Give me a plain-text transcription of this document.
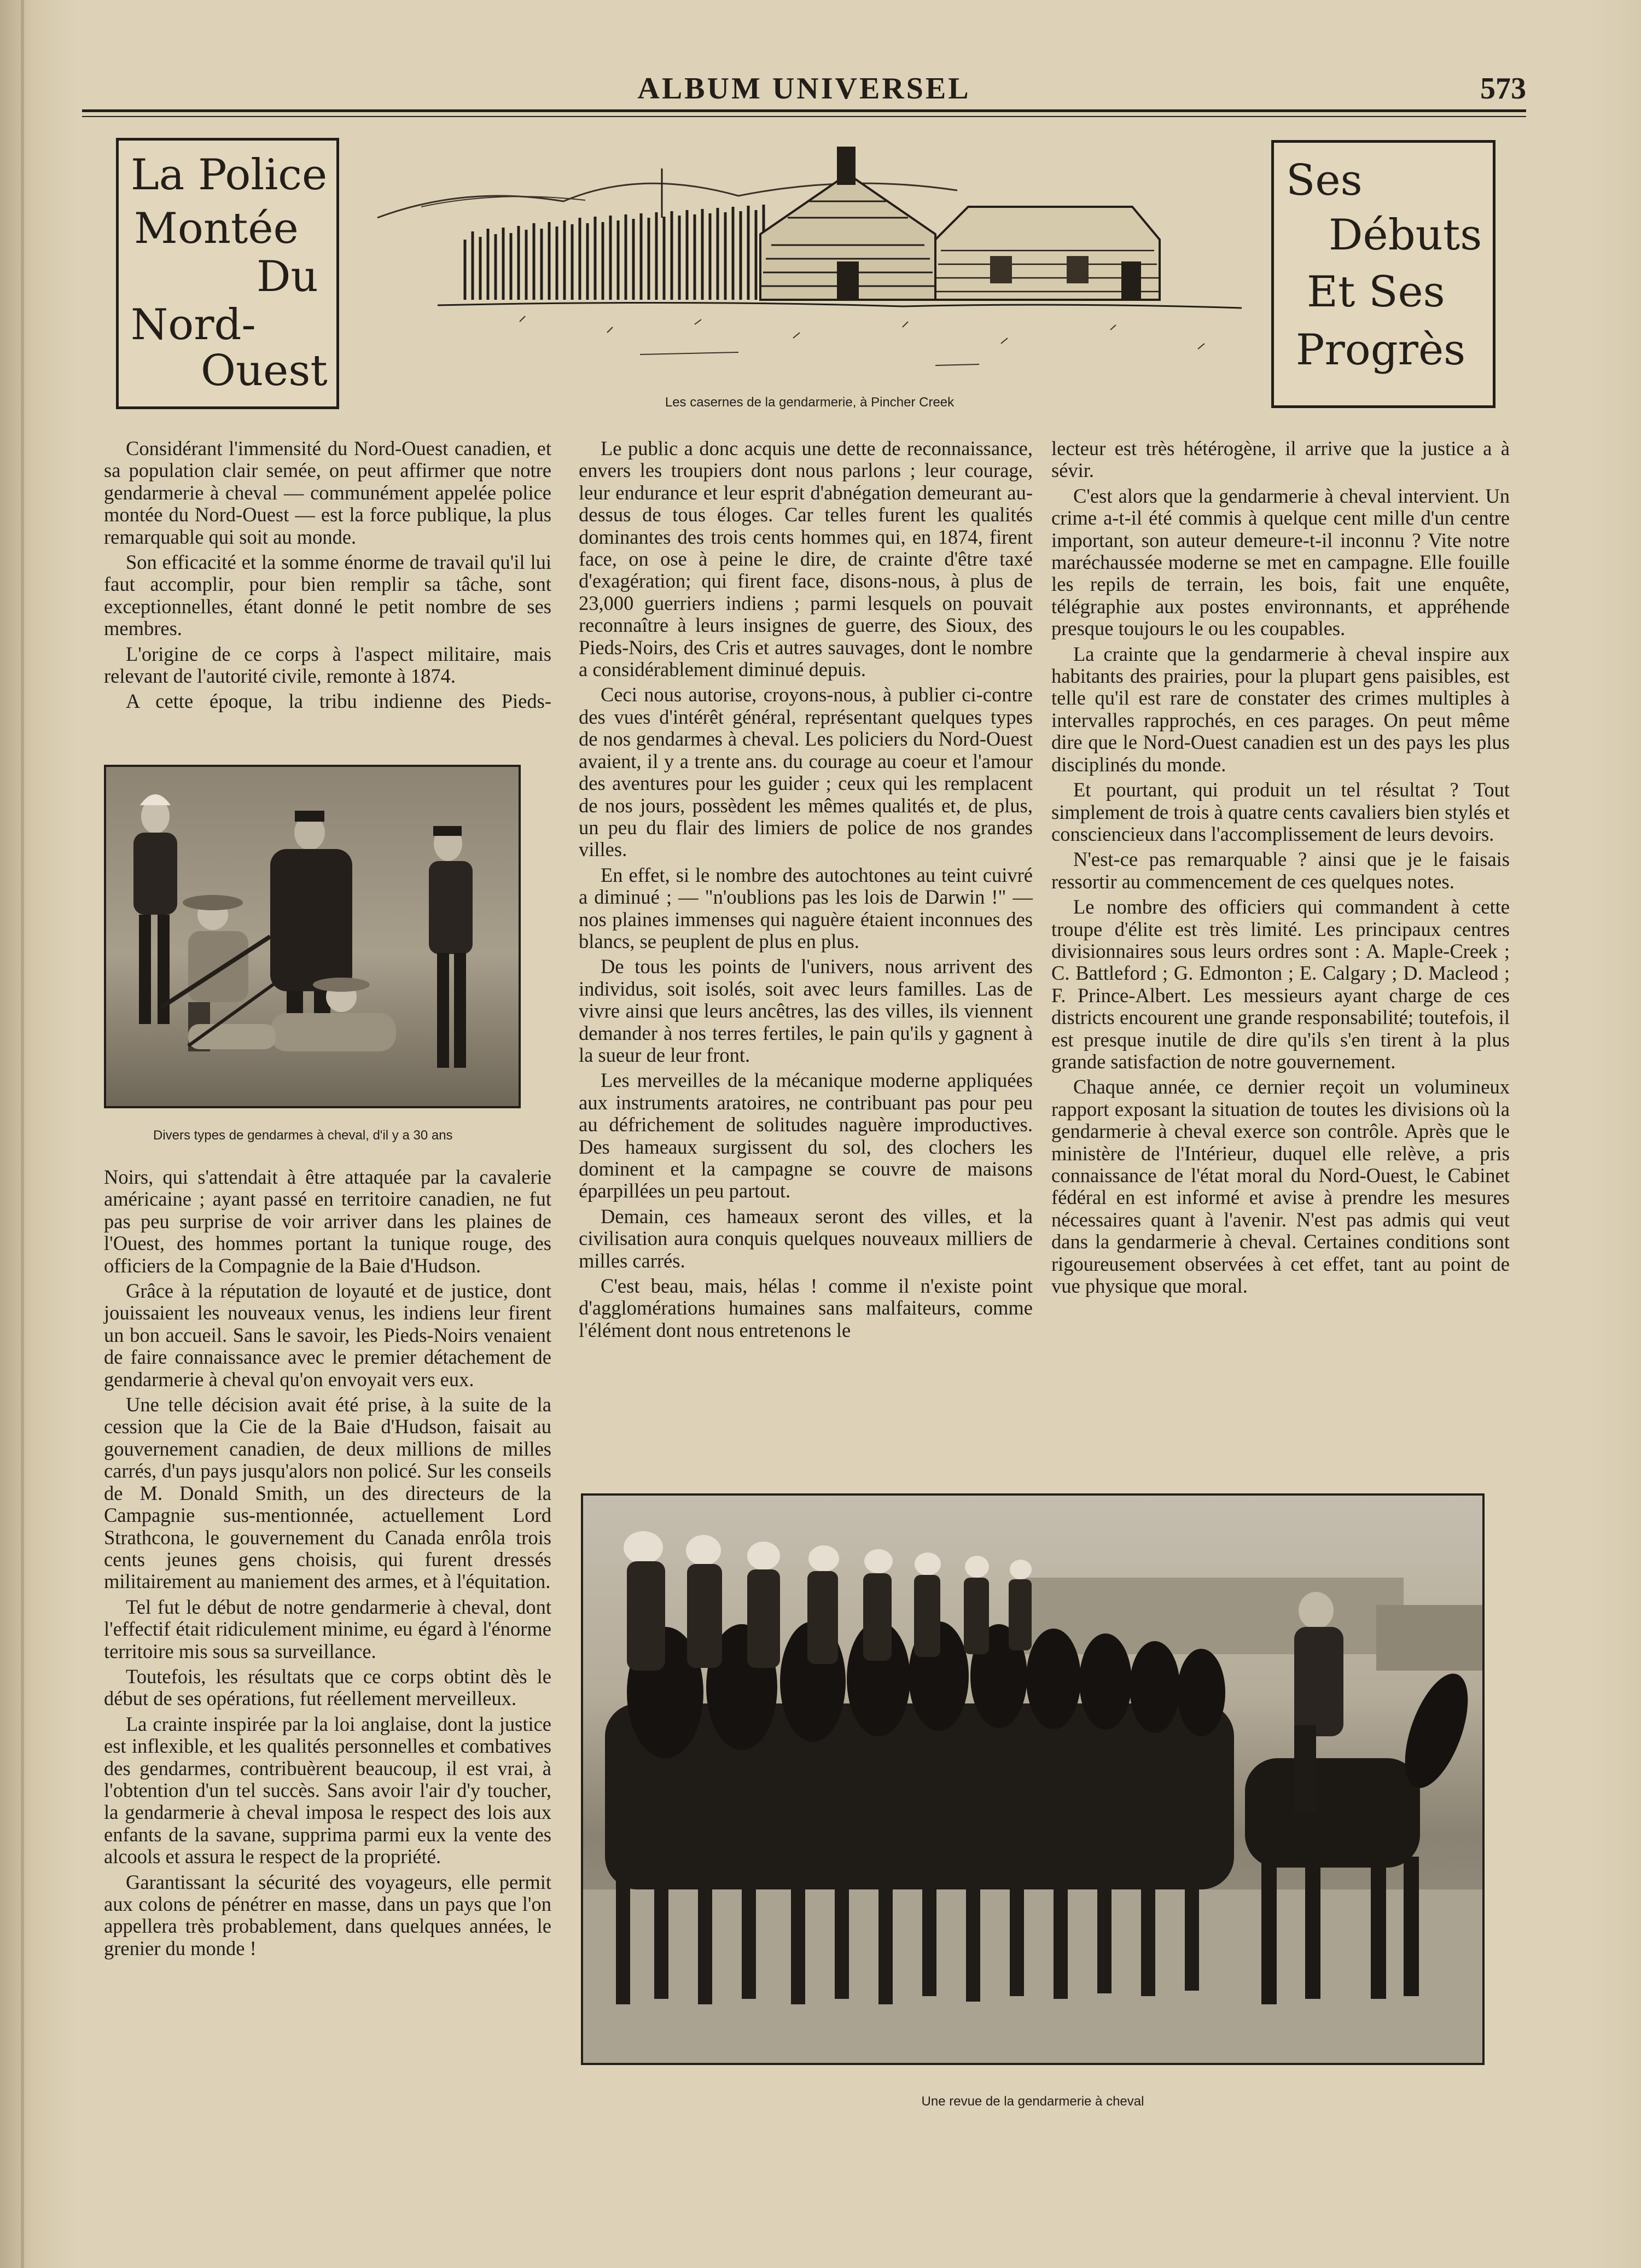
ALBUM UNIVERSEL	573
La Police
Montée
Du
Nord-
Ouest
Ses
Débuts
Et Ses
Progrès
Les casernes de la gendarmerie, à Pincher Creek

Considérant l'immensité du Nord-Ouest canadien, et sa population clair semée, on peut affirmer que notre gendarmerie à cheval — communément appelée police montée du Nord-Ouest — est la force publique, la plus remarquable qui soit au monde.

Son efficacité et la somme énorme de travail qu'il lui faut accomplir, pour bien remplir sa tâche, sont exceptionnelles, étant donné le petit nombre de ses membres.

L'origine de ce corps à l'aspect militaire, mais relevant de l'autorité civile, remonte à 1874.

A cette époque, la tribu indienne des Pieds-

Divers types de gendarmes à cheval, d'il y a 30 ans

Noirs, qui s'attendait à être attaquée par la cavalerie américaine ; ayant passé en territoire canadien, ne fut pas peu surprise de voir arriver dans les plaines de l'Ouest, des hommes portant la tunique rouge, des officiers de la Compagnie de la Baie d'Hudson.

Grâce à la réputation de loyauté et de justice, dont jouissaient les nouveaux venus, les indiens leur firent un bon accueil. Sans le savoir, les Pieds-Noirs venaient de faire connaissance avec le premier détachement de gendarmerie à cheval qu'on envoyait vers eux.

Une telle décision avait été prise, à la suite de la cession que la Cie de la Baie d'Hudson, faisait au gouvernement canadien, de deux millions de milles carrés, d'un pays jusqu'alors non policé. Sur les conseils de M. Donald Smith, un des directeurs de la Campagnie sus-mentionnée, actuellement Lord Strathcona, le gouvernement du Canada enrôla trois cents jeunes gens choisis, qui furent dressés militairement au maniement des armes, et à l'équitation.

Tel fut le début de notre gendarmerie à cheval, dont l'effectif était ridiculement minime, eu égard à l'énorme territoire mis sous sa surveillance.

Toutefois, les résultats que ce corps obtint dès le début de ses opérations, fut réellement merveilleux.

La crainte inspirée par la loi anglaise, dont la justice est inflexible, et les qualités personnelles et combatives des gendarmes, contribuèrent beaucoup, il est vrai, à l'obtention d'un tel succès. Sans avoir l'air d'y toucher, la gendarmerie à cheval imposa le respect des lois aux enfants de la savane, supprima parmi eux la vente des alcools et assura le respect de la propriété.

Garantissant la sécurité des voyageurs, elle permit aux colons de pénétrer en masse, dans un pays que l'on appellera très probablement, dans quelques années, le grenier du monde !

Le public a donc acquis une dette de reconnaissance, envers les troupiers dont nous parlons ; leur courage, leur endurance et leur esprit d'abnégation demeurant au-dessus de tous éloges. Car telles furent les qualités dominantes des trois cents hommes qui, en 1874, firent face, on ose à peine le dire, de crainte d'être taxé d'exagération; qui firent face, disons-nous, à plus de 23,000 guerriers indiens ; parmi lesquels on pouvait reconnaître à leurs insignes de guerre, des Sioux, des Pieds-Noirs, des Cris et autres sauvages, dont le nombre a considérablement diminué depuis.

Ceci nous autorise, croyons-nous, à publier ci-contre des vues d'intérêt général, représentant quelques types de nos gendarmes à cheval. Les policiers du Nord-Ouest avaient, il y a trente ans. du courage au coeur et l'amour des aventures pour les guider ; ceux qui les remplacent de nos jours, possèdent les mêmes qualités et, de plus, un peu du flair des limiers de police de nos grandes villes.

En effet, si le nombre des autochtones au teint cuivré a diminué ; — "n'oublions pas les lois de Darwin !" — nos plaines immenses qui naguère étaient inconnues des blancs, se peuplent de plus en plus.

De tous les points de l'univers, nous arrivent des individus, soit isolés, soit avec leurs familles. Las de vivre ainsi que leurs ancêtres, las des villes, ils viennent demander à nos terres fertiles, le pain qu'ils y gagnent à la sueur de leur front.

Les merveilles de la mécanique moderne appliquées aux instruments aratoires, ne contribuant pas pour peu au défrichement de solitudes naguère improductives. Des hameaux surgissent du sol, des clochers les dominent et la campagne se couvre de maisons éparpillées un peu partout.

Demain, ces hameaux seront des villes, et la civilisation aura conquis quelques nouveaux milliers de milles carrés.

C'est beau, mais, hélas ! comme il n'existe point d'agglomérations humaines sans malfaiteurs, comme l'élément dont nous entretenons le

lecteur est très hétérogène, il arrive que la justice a à sévir.

C'est alors que la gendarmerie à cheval intervient. Un crime a-t-il été commis à quelque cent mille d'un centre important, son auteur demeure-t-il inconnu ? Vite notre maréchaussée moderne se met en campagne. Elle fouille les repils de terrain, les bois, fait une enquête, télégraphie aux postes environnants, et appréhende presque toujours le ou les coupables.

La crainte que la gendarmerie à cheval inspire aux habitants des prairies, pour la plupart gens paisibles, est telle qu'il est rare de constater des crimes multiples à intervalles rapprochés, en ces parages. On peut même dire que le Nord-Ouest canadien est un des pays les plus disciplinés du monde.

Et pourtant, qui produit un tel résultat ? Tout simplement de trois à quatre cents cavaliers bien stylés et consciencieux dans l'accomplissement de leurs devoirs.

N'est-ce pas remarquable ? ainsi que je le faisais ressortir au commencement de ces quelques notes.

Le nombre des officiers qui commandent à cette troupe d'élite est très limité. Les principaux centres divisionnaires sous leurs ordres sont : A. Maple-Creek ; C. Battleford ; G. Edmonton ; E. Calgary ; D. Macleod ; F. Prince-Albert. Les messieurs ayant charge de ces districts encourent une grande responsabilité; toutefois, il est presque inutile de dire qu'ils s'en tirent à la plus grande satisfaction de notre gouvernement.

Chaque année, ce dernier reçoit un volumineux rapport exposant la situation de toutes les divisions où la gendarmerie à cheval exerce son contrôle. Après que le ministère de l'Intérieur, duquel elle relève, a pris connaissance de l'état moral du Nord-Ouest, le Cabinet fédéral en est informé et avise à prendre les mesures nécessaires quant à l'avenir. N'est pas admis qui veut dans la gendarmerie à cheval. Certaines conditions sont rigoureusement observées à cet effet, tant au point de vue physique que moral.

Une revue de la gendarmerie à cheval
